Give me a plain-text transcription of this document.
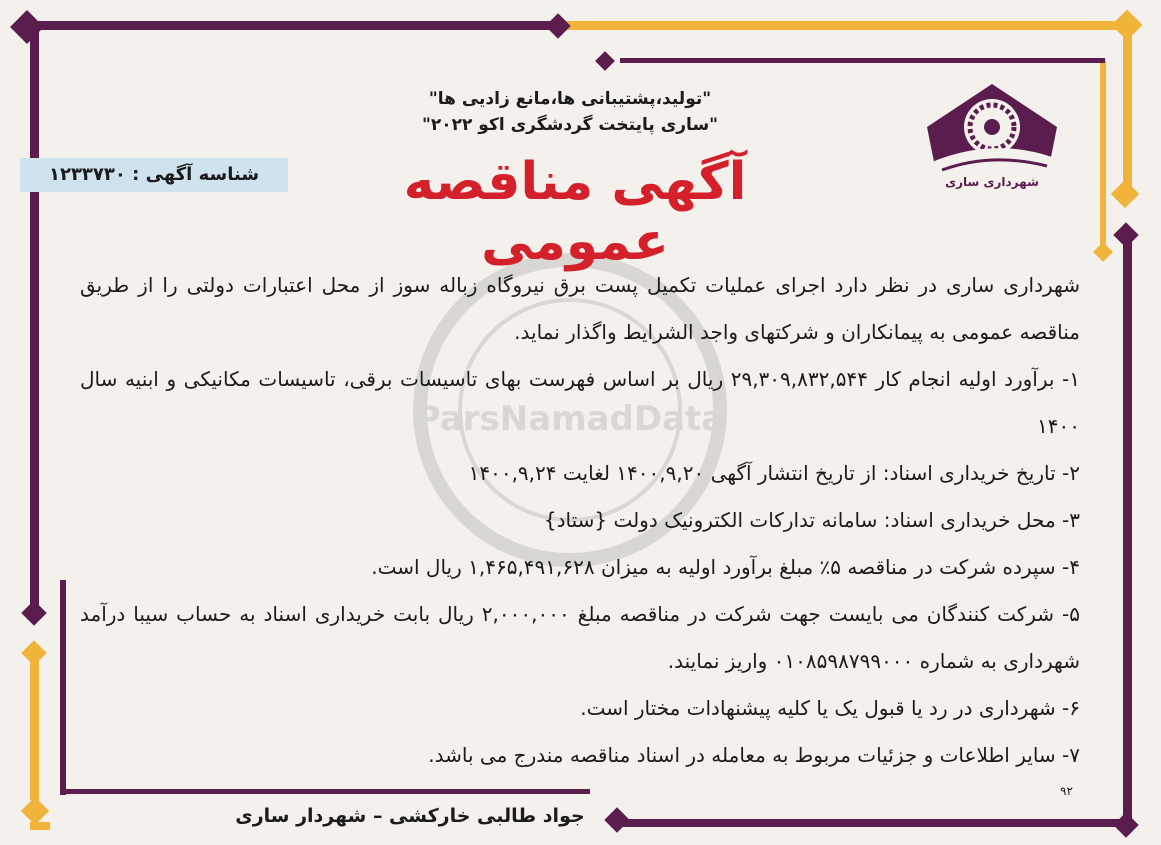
ParsNamadData
شهرداری ساری
"تولید،پشتیبانی ها،مانع زادیی ها"
"ساری پایتخت گردشگری اکو ۲۰۲۲"
شناسه آگهی : ۱۲۳۳۷۳۰	آگهی مناقصه عمومی

شهرداری ساری در نظر دارد اجرای عملیات تکمیل پست برق نیروگاه زباله سوز از محل اعتبارات دولتی را از طریق مناقصه عمومی به پیمانکاران و شرکتهای واجد الشرایط واگذار نماید.

۱- برآورد اولیه انجام کار ۲۹,۳۰۹,۸۳۲,۵۴۴ ریال بر اساس فهرست بهای تاسیسات برقی، تاسیسات مکانیکی و ابنیه سال ۱۴۰۰

۲- تاریخ خریداری اسناد: از تاریخ انتشار آگهی ۱۴۰۰,۹,۲۰ لغایت ۱۴۰۰,۹,۲۴

۳- محل خریداری اسناد: سامانه تدارکات الکترونیک دولت {ستاد}

۴- سپرده شرکت در مناقصه ۵٪ مبلغ برآورد اولیه به میزان ۱,۴۶۵,۴۹۱,۶۲۸ ریال است.

۵- شرکت کنندگان می بایست جهت شرکت در مناقصه مبلغ ۲,۰۰۰,۰۰۰ ریال بابت خریداری اسناد به حساب سیبا درآمد شهرداری به شماره ۰۱۰۸۵۹۸۷۹۹۰۰۰ واریز نمایند.

۶- شهرداری در رد یا قبول یک یا کلیه پیشنهادات مختار است.

۷- سایر اطلاعات و جزئیات مربوط به معامله در اسناد مناقصه مندرج می باشد.

۹۲
جواد طالبی خارکشی – شهردار ساری
